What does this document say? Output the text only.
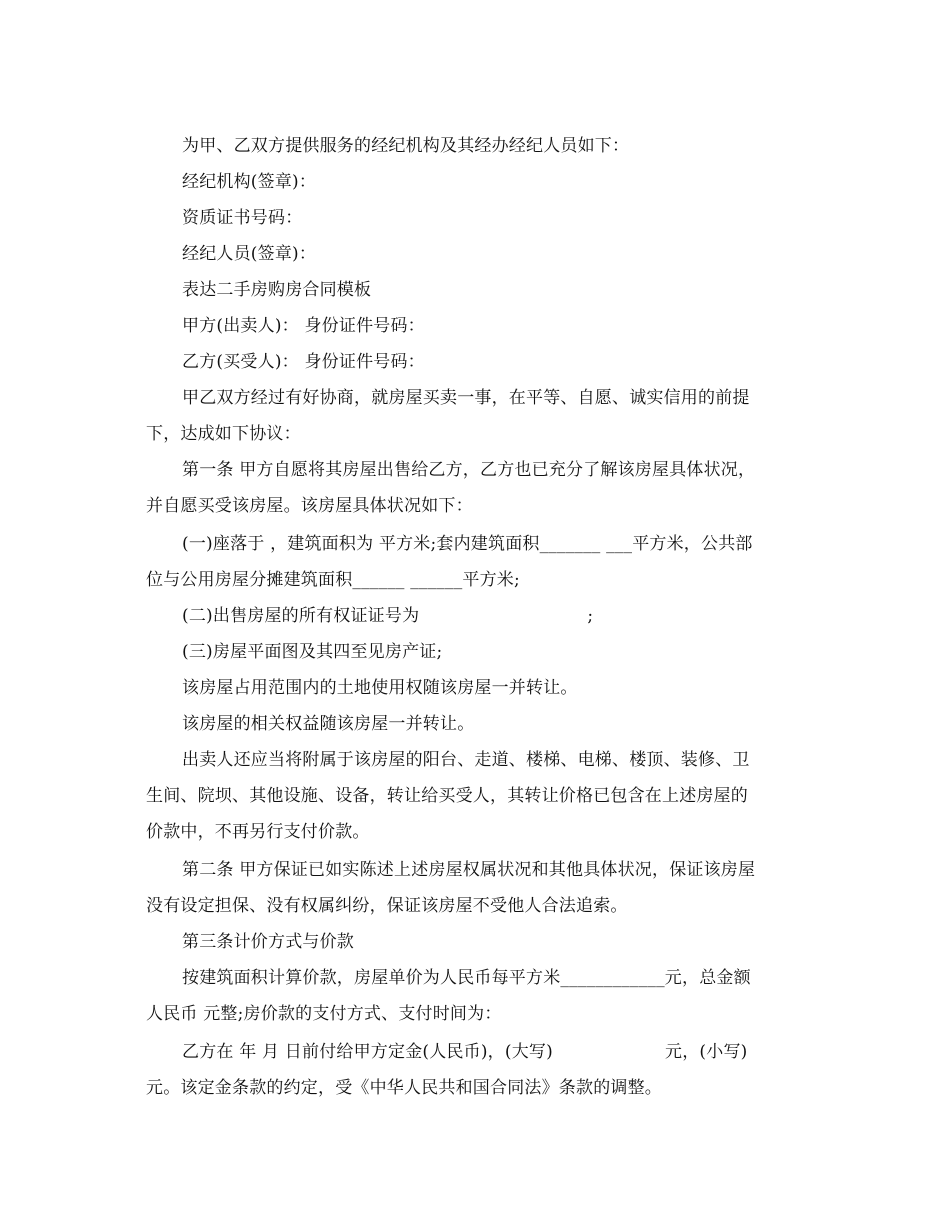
为甲、乙双方提供服务的经纪机构及其经办经纪人员如下：
经纪机构(签章)：
资质证书号码：
经纪人员(签章)：
表达二手房购房合同模板
甲方(出卖人)： 身份证件号码：
乙方(买受人)： 身份证件号码：
甲乙双方经过有好协商，就房屋买卖一事，在平等、自愿、诚实信用的前提
下，达成如下协议：
第一条 甲方自愿将其房屋出售给乙方，乙方也已充分了解该房屋具体状况，
并自愿买受该房屋。该房屋具体状况如下：
(一)座落于 ，建筑面积为 平方米;套内建筑面积_______ ___平方米，公共部
位与公用房屋分摊建筑面积______ ______平方米;
(二)出售房屋的所有权证证号为                              ;
(三)房屋平面图及其四至见房产证;
该房屋占用范围内的土地使用权随该房屋一并转让。
该房屋的相关权益随该房屋一并转让。
出卖人还应当将附属于该房屋的阳台、走道、楼梯、电梯、楼顶、装修、卫
生间、院坝、其他设施、设备，转让给买受人，其转让价格已包含在上述房屋的
价款中，不再另行支付价款。
第二条 甲方保证已如实陈述上述房屋权属状况和其他具体状况，保证该房屋
没有设定担保、没有权属纠纷，保证该房屋不受他人合法追索。
第三条计价方式与价款
按建筑面积计算价款，房屋单价为人民币每平方米____________元，总金额
人民币 元整;房价款的支付方式、支付时间为：
乙方在 年 月 日前付给甲方定金(人民币)，(大写)                    元，(小写)
元。该定金条款的约定，受《中华人民共和国合同法》条款的调整。
